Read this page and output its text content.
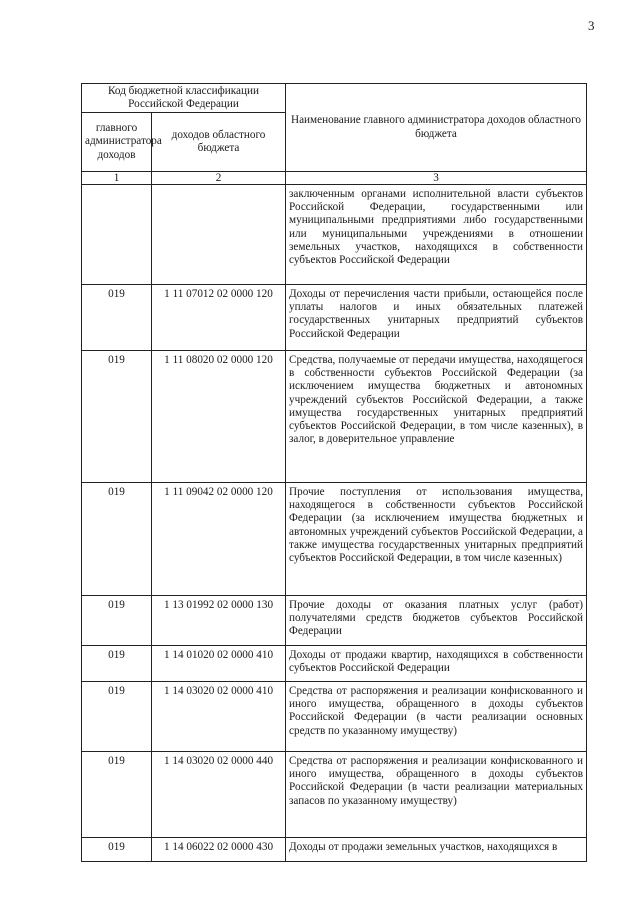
3
Код бюджетной классификации Российской Федерации		Наименование главного администратора доходов областного бюджета
главного администратора доходов	доходов областного бюджета	
1	2	3
		заключенным органами исполнительной власти субъектов Российской Федерации, государственными или муниципальными предприятиями либо государственными или муниципальными учреждениями в отношении земельных участков, находящихся в собственности субъектов Российской Федерации
019	1 11 07012 02 0000 120	Доходы от перечисления части прибыли, остающейся после уплаты налогов и иных обязательных платежей государственных унитарных предприятий субъектов Российской Федерации
019	1 11 08020 02 0000 120	Средства, получаемые от передачи имущества, находящегося в собственности субъектов Российской Федерации (за исключением имущества бюджетных и автономных учреждений субъектов Российской Федерации, а также имущества государственных унитарных предприятий субъектов Российской Федерации, в том числе казенных), в залог, в доверительное управление
019	1 11 09042 02 0000 120	Прочие поступления от использования имущества, находящегося в собственности субъектов Российской Федерации (за исключением имущества бюджетных и автономных учреждений субъектов Российской Федерации, а также имущества государственных унитарных предприятий субъектов Российской Федерации, в том числе казенных)
019	1 13 01992 02 0000 130	Прочие доходы от оказания платных услуг (работ) получателями средств бюджетов субъектов Российской Федерации
019	1 14 01020 02 0000 410	Доходы от продажи квартир, находящихся в собственности субъектов Российской Федерации
019	1 14 03020 02 0000 410	Средства от распоряжения и реализации конфискованного и иного имущества, обращенного в доходы субъектов Российской Федерации (в части реализации основных средств по указанному имуществу)
019	1 14 03020 02 0000 440	Средства от распоряжения и реализации конфискованного и иного имущества, обращенного в доходы субъектов Российской Федерации (в части реализации материальных запасов по указанному имуществу)
019	1 14 06022 02 0000 430	Доходы от продажи земельных участков, находящихся в
